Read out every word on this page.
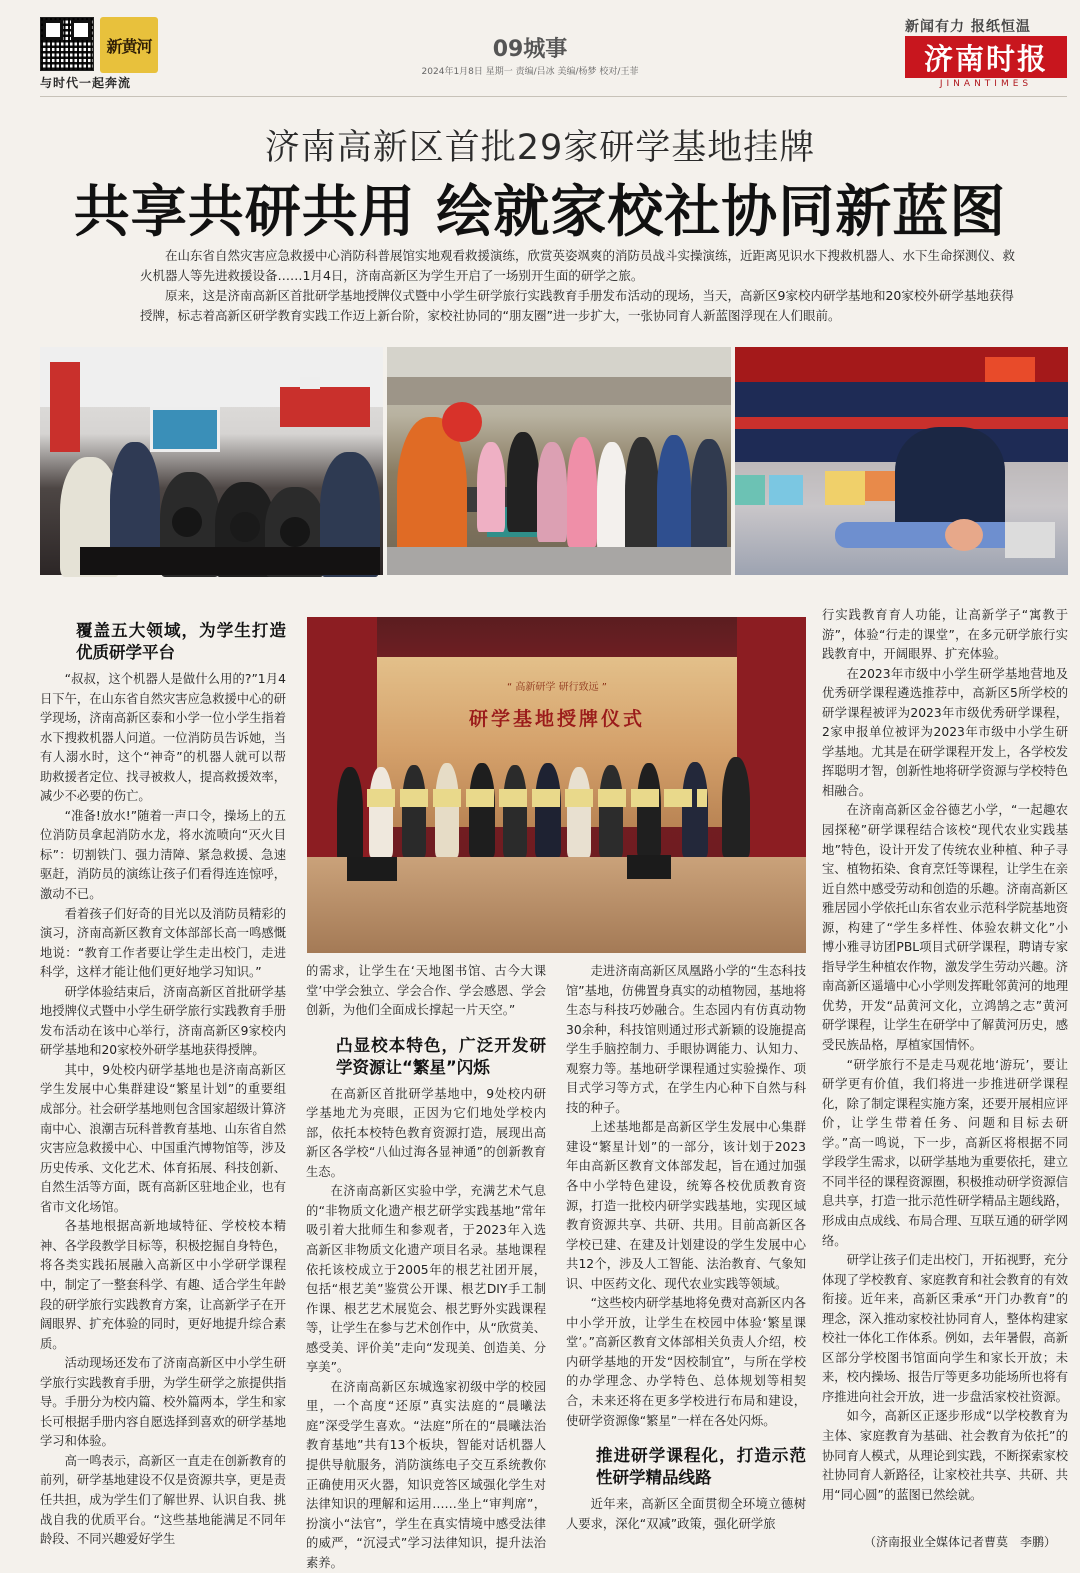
新黄河
与时代一起奔流
09城事
2024年1月8日 星期一 责编/吕冰 美编/杨梦 校对/王菲
新闻有力 报纸恒温
济南时报
JINANTIMES
济南高新区首批29家研学基地挂牌
共享共研共用 绘就家校社协同新蓝图

在山东省自然灾害应急救援中心消防科普展馆实地观看救援演练，欣赏英姿飒爽的消防员战斗实操演练，近距离见识水下搜救机器人、水下生命探测仪、救火机器人等先进救援设备……1月4日，济南高新区为学生开启了一场别开生面的研学之旅。

原来，这是济南高新区首批研学基地授牌仪式暨中小学生研学旅行实践教育手册发布活动的现场，当天，高新区9家校内研学基地和20家校外研学基地获得授牌，标志着高新区研学教育实践工作迈上新台阶，家校社协同的“朋友圈”进一步扩大，一张协同育人新蓝图浮现在人们眼前。

研学基地授牌仪式
“ 高新研学 研行致远 ”
覆盖五大领域，为学生打造优质研学平台

“叔叔，这个机器人是做什么用的?”1月4日下午，在山东省自然灾害应急救援中心的研学现场，济南高新区泰和小学一位小学生指着水下搜救机器人问道。一位消防员告诉她，当有人溺水时，这个“神奇”的机器人就可以帮助救援者定位、找寻被救人，提高救援效率，减少不必要的伤亡。

“准备!放水!”随着一声口令，操场上的五位消防员拿起消防水龙，将水流喷向“灭火目标”：切割铁门、强力清障、紧急救援、急速驱赶，消防员的演练让孩子们看得连连惊呼，激动不已。

看着孩子们好奇的目光以及消防员精彩的演习，济南高新区教育文体部部长高一鸣感慨地说：“教育工作者要让学生走出校门，走进科学，这样才能让他们更好地学习知识。”

研学体验结束后，济南高新区首批研学基地授牌仪式暨中小学生研学旅行实践教育手册发布活动在该中心举行，济南高新区9家校内研学基地和20家校外研学基地获得授牌。

其中，9处校内研学基地也是济南高新区学生发展中心集群建设“繁星计划”的重要组成部分。社会研学基地则包含国家超级计算济南中心、浪潮吉玩科普教育基地、山东省自然灾害应急救援中心、中国重汽博物馆等，涉及历史传承、文化艺术、体育拓展、科技创新、自然生活等方面，既有高新区驻地企业，也有省市文化场馆。

各基地根据高新地域特征、学校校本精神、各学段教学目标等，积极挖掘自身特色，将各类实践拓展融入高新区中小学研学课程中，制定了一整套科学、有趣、适合学生年龄段的研学旅行实践教育方案，让高新学子在开阔眼界、扩充体验的同时，更好地提升综合素质。

活动现场还发布了济南高新区中小学生研学旅行实践教育手册，为学生研学之旅提供指导。手册分为校内篇、校外篇两本，学生和家长可根据手册内容自愿选择到喜欢的研学基地学习和体验。

高一鸣表示，高新区一直走在创新教育的前列，研学基地建设不仅是资源共享，更是责任共担，成为学生们了解世界、认识自我、挑战自我的优质平台。“这些基地能满足不同年龄段、不同兴趣爱好学生

的需求，让学生在‘天地图书馆、古今大课堂’中学会独立、学会合作、学会感恩、学会创新，为他们全面成长撑起一片天空。”

凸显校本特色，广泛开发研学资源让“繁星”闪烁

在高新区首批研学基地中，9处校内研学基地尤为亮眼，正因为它们地处学校内部，依托本校特色教育资源打造，展现出高新区各学校“八仙过海各显神通”的创新教育生态。

在济南高新区实验中学，充满艺术气息的“非物质文化遗产根艺研学实践基地”常年吸引着大批师生和参观者，于2023年入选高新区非物质文化遗产项目名录。基地课程依托该校成立于2005年的根艺社团开展，包括“根艺美”鉴赏公开课、根艺DIY手工制作课、根艺艺术展览会、根艺野外实践课程等，让学生在参与艺术创作中，从“欣赏美、感受美、评价美”走向“发现美、创造美、分享美”。

在济南高新区东城逸家初级中学的校园里，一个高度“还原”真实法庭的“晨曦法庭”深受学生喜欢。“法庭”所在的“晨曦法治教育基地”共有13个板块，智能对话机器人提供导航服务，消防演练电子交互系统教你正确使用灭火器，知识竞答区域强化学生对法律知识的理解和运用……坐上“审判席”，扮演小“法官”，学生在真实情境中感受法律的威严，“沉浸式”学习法律知识，提升法治素养。

走进济南高新区凤凰路小学的“生态科技馆”基地，仿佛置身真实的动植物园，基地将生态与科技巧妙融合。生态园内有仿真动物30余种，科技馆则通过形式新颖的设施提高学生手脑控制力、手眼协调能力、认知力、观察力等。基地研学课程通过实验操作、项目式学习等方式，在学生内心种下自然与科技的种子。

上述基地都是高新区学生发展中心集群建设“繁星计划”的一部分，该计划于2023年由高新区教育文体部发起，旨在通过加强各中小学特色建设，统筹各校优质教育资源，打造一批校内研学实践基地，实现区域教育资源共享、共研、共用。目前高新区各学校已建、在建及计划建设的学生发展中心共12个，涉及人工智能、法治教育、气象知识、中医药文化、现代农业实践等领域。

“这些校内研学基地将免费对高新区内各中小学开放，让学生在校园中体验‘繁星课堂’。”高新区教育文体部相关负责人介绍，校内研学基地的开发“因校制宜”，与所在学校的办学理念、办学特色、总体规划等相契合，未来还将在更多学校进行布局和建设，使研学资源像“繁星”一样在各处闪烁。

推进研学课程化，打造示范性研学精品线路

近年来，高新区全面贯彻全环境立德树人要求，深化“双减”政策，强化研学旅

行实践教育育人功能，让高新学子“寓教于游”，体验“行走的课堂”，在多元研学旅行实践教育中，开阔眼界、扩充体验。

在2023年市级中小学生研学基地营地及优秀研学课程遴选推荐中，高新区5所学校的研学课程被评为2023年市级优秀研学课程，2家申报单位被评为2023年市级中小学生研学基地。尤其是在研学课程开发上，各学校发挥聪明才智，创新性地将研学资源与学校特色相融合。

在济南高新区金谷德艺小学，“一起趣农园探秘”研学课程结合该校“现代农业实践基地”特色，设计开发了传统农业种植、种子寻宝、植物拓染、食育烹饪等课程，让学生在亲近自然中感受劳动和创造的乐趣。济南高新区雅居园小学依托山东省农业示范科学院基地资源，构建了“学生多样性、体验农耕文化”小博小雅寻访团PBL项目式研学课程，聘请专家指导学生种植农作物，激发学生劳动兴趣。济南高新区遥墙中心小学则发挥毗邻黄河的地理优势，开发“品黄河文化，立鸿鹄之志”黄河研学课程，让学生在研学中了解黄河历史，感受民族品格，厚植家国情怀。

“研学旅行不是走马观花地‘游玩’，要让研学更有价值，我们将进一步推进研学课程化，除了制定课程实施方案，还要开展相应评价，让学生带着任务、问题和目标去研学。”高一鸣说，下一步，高新区将根据不同学段学生需求，以研学基地为重要依托，建立不同半径的课程资源圈，积极推动研学资源信息共享，打造一批示范性研学精品主题线路，形成由点成线、布局合理、互联互通的研学网络。

研学让孩子们走出校门，开拓视野，充分体现了学校教育、家庭教育和社会教育的有效衔接。近年来，高新区秉承“开门办教育”的理念，深入推动家校社协同育人，整体构建家校社一体化工作体系。例如，去年暑假，高新区部分学校图书馆面向学生和家长开放；未来，校内操场、报告厅等更多功能场所也将有序推进向社会开放，进一步盘活家校社资源。

如今，高新区正逐步形成“以学校教育为主体、家庭教育为基础、社会教育为依托”的协同育人模式，从理论到实践，不断探索家校社协同育人新路径，让家校社共享、共研、共用“同心圆”的蓝图已然绘就。

（济南报业全媒体记者曹莫　李鹏）
